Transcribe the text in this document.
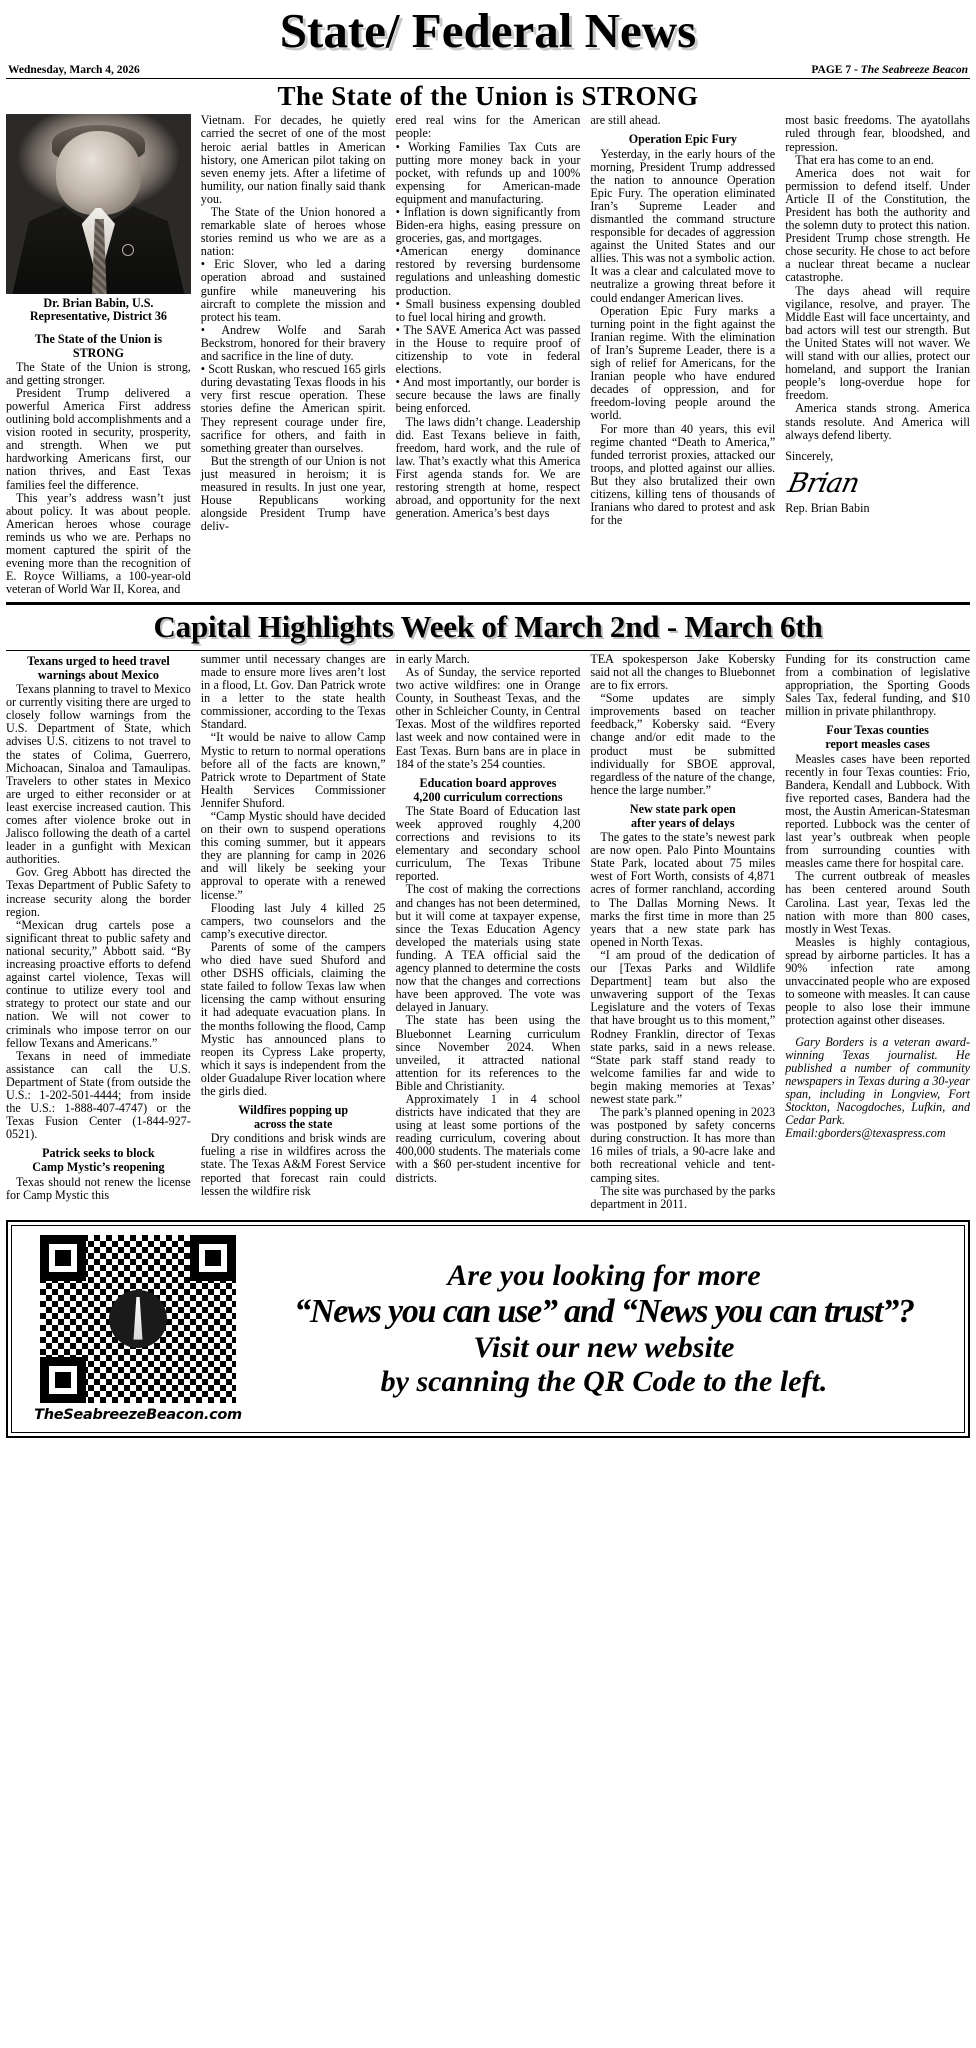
State/ Federal News
Wednesday, March 4, 2026	PAGE 7 - The Seabreeze Beacon
The State of the Union is STRONG
Dr. Brian Babin, U.S.
Representative, District 36
The State of the Union is
STRONG

The State of the Union is strong, and getting stronger.

President Trump delivered a powerful America First address outlining bold accomplishments and a vision rooted in security, prosperity, and strength. When we put hardworking Americans first, our nation thrives, and East Texas families feel the difference.

This year’s address wasn’t just about policy. It was about people. American heroes whose courage reminds us who we are. Perhaps no moment captured the spirit of the evening more than the recognition of E. Royce Williams, a 100-year-old veteran of World War II, Korea, and

Vietnam. For decades, he quietly carried the secret of one of the most heroic aerial battles in American history, one American pilot taking on seven enemy jets. After a lifetime of humility, our nation finally said thank you.

The State of the Union honored a remarkable slate of heroes whose stories remind us who we are as a nation:

• Eric Slover, who led a daring operation abroad and sustained gunfire while maneuvering his aircraft to complete the mission and protect his team.

• Andrew Wolfe and Sarah Beckstrom, honored for their bravery and sacrifice in the line of duty.

• Scott Ruskan, who rescued 165 girls during devastating Texas floods in his very first rescue operation. These stories define the American spirit. They represent courage under fire, sacrifice for others, and faith in something greater than ourselves.

But the strength of our Union is not just measured in heroism; it is measured in results. In just one year, House Republicans working alongside President Trump have deliv-

ered real wins for the American people:

• Working Families Tax Cuts are putting more money back in your pocket, with refunds up and 100% expensing for American-made equipment and manufacturing.

• Inflation is down significantly from Biden-era highs, easing pressure on groceries, gas, and mortgages.

•American energy dominance restored by reversing burdensome regulations and unleashing domestic production.

• Small business expensing doubled to fuel local hiring and growth.

• The SAVE America Act was passed in the House to require proof of citizenship to vote in federal elections.

• And most importantly, our border is secure because the laws are finally being enforced.

The laws didn’t change. Leadership did. East Texans believe in faith, freedom, hard work, and the rule of law. That’s exactly what this America First agenda stands for. We are restoring strength at home, respect abroad, and opportunity for the next generation. America’s best days

are still ahead.

Operation Epic Fury

Yesterday, in the early hours of the morning, President Trump addressed the nation to announce Operation Epic Fury. The operation eliminated Iran’s Supreme Leader and dismantled the command structure responsible for decades of aggression against the United States and our allies. This was not a symbolic action. It was a clear and calculated move to neutralize a growing threat before it could endanger American lives.

Operation Epic Fury marks a turning point in the fight against the Iranian regime. With the elimination of Iran’s Supreme Leader, there is a sigh of relief for Americans, for the Iranian people who have endured decades of oppression, and for freedom-loving people around the world.

For more than 40 years, this evil regime chanted “Death to America,” funded terrorist proxies, attacked our troops, and plotted against our allies. But they also brutalized their own citizens, killing tens of thousands of Iranians who dared to protest and ask for the

most basic freedoms. The ayatollahs ruled through fear, bloodshed, and repression.

That era has come to an end.

America does not wait for permission to defend itself. Under Article II of the Constitution, the President has both the authority and the solemn duty to protect this nation. President Trump chose strength. He chose security. He chose to act before a nuclear threat became a nuclear catastrophe.

The days ahead will require vigilance, resolve, and prayer. The Middle East will face uncertainty, and bad actors will test our strength. But the United States will not waver. We will stand with our allies, protect our homeland, and support the Iranian people’s long-overdue hope for freedom.

America stands strong. America stands resolute. And America will always defend liberty.

Sincerely,

Brian
Rep. Brian Babin
Capital Highlights Week of March 2nd - March 6th
Texans urged to heed travel
warnings about Mexico

Texans planning to travel to Mexico or currently visiting there are urged to closely follow warnings from the U.S. Department of State, which advises U.S. citizens to not travel to the states of Colima, Guerrero, Michoacan, Sinaloa and Tamaulipas. Travelers to other states in Mexico are urged to either reconsider or at least exercise increased caution. This comes after violence broke out in Jalisco following the death of a cartel leader in a gunfight with Mexican authorities.

Gov. Greg Abbott has directed the Texas Department of Public Safety to increase security along the border region.

“Mexican drug cartels pose a significant threat to public safety and national security,” Abbott said. “By increasing proactive efforts to defend against cartel violence, Texas will continue to utilize every tool and strategy to protect our state and our nation. We will not cower to criminals who impose terror on our fellow Texans and Americans.”

Texans in need of immediate assistance can call the U.S. Department of State (from outside the U.S.: 1-202-501-4444; from inside the U.S.: 1-888-407-4747) or the Texas Fusion Center (1-844-927-0521).

Patrick seeks to block
Camp Mystic’s reopening

Texas should not renew the license for Camp Mystic this

summer until necessary changes are made to ensure more lives aren’t lost in a flood, Lt. Gov. Dan Patrick wrote in a letter to the state health commissioner, according to the Texas Standard.

“It would be naive to allow Camp Mystic to return to normal operations before all of the facts are known,” Patrick wrote to Department of State Health Services Commissioner Jennifer Shuford.

“Camp Mystic should have decided on their own to suspend operations this coming summer, but it appears they are planning for camp in 2026 and will likely be seeking your approval to operate with a renewed license.”

Flooding last July 4 killed 25 campers, two counselors and the camp’s executive director.

Parents of some of the campers who died have sued Shuford and other DSHS officials, claiming the state failed to follow Texas law when licensing the camp without ensuring it had adequate evacuation plans. In the months following the flood, Camp Mystic has announced plans to reopen its Cypress Lake property, which it says is independent from the older Guadalupe River location where the girls died.

Wildfires popping up
across the state

Dry conditions and brisk winds are fueling a rise in wildfires across the state. The Texas A&M Forest Service reported that forecast rain could lessen the wildfire risk

in early March.

As of Sunday, the service reported two active wildfires: one in Orange County, in Southeast Texas, and the other in Schleicher County, in Central Texas. Most of the wildfires reported last week and now contained were in East Texas. Burn bans are in place in 184 of the state’s 254 counties.

Education board approves
4,200 curriculum corrections

The State Board of Education last week approved roughly 4,200 corrections and revisions to its elementary and secondary school curriculum, The Texas Tribune reported.

The cost of making the corrections and changes has not been determined, but it will come at taxpayer expense, since the Texas Education Agency developed the materials using state funding. A TEA official said the agency planned to determine the costs now that the changes and corrections have been approved. The vote was delayed in January.

The state has been using the Bluebonnet Learning curriculum since November 2024. When unveiled, it attracted national attention for its references to the Bible and Christianity.

Approximately 1 in 4 school districts have indicated that they are using at least some portions of the reading curriculum, covering about 400,000 students. The materials come with a $60 per-student incentive for districts.

TEA spokesperson Jake Kobersky said not all the changes to Bluebonnet are to fix errors.

“Some updates are simply improvements based on teacher feedback,” Kobersky said. “Every change and/or edit made to the product must be submitted individually for SBOE approval, regardless of the nature of the change, hence the large number.”

New state park open
after years of delays

The gates to the state’s newest park are now open. Palo Pinto Mountains State Park, located about 75 miles west of Fort Worth, consists of 4,871 acres of former ranchland, according to The Dallas Morning News. It marks the first time in more than 25 years that a new state park has opened in North Texas.

“I am proud of the dedication of our [Texas Parks and Wildlife Department] team but also the unwavering support of the Texas Legislature and the voters of Texas that have brought us to this moment,” Rodney Franklin, director of Texas state parks, said in a news release. “State park staff stand ready to welcome families far and wide to begin making memories at Texas’ newest state park.”

The park’s planned opening in 2023 was postponed by safety concerns during construction. It has more than 16 miles of trials, a 90-acre lake and both recreational vehicle and tent-camping sites.

The site was purchased by the parks department in 2011.

Funding for its construction came from a combination of legislative appropriation, the Sporting Goods Sales Tax, federal funding, and $10 million in private philanthropy.

Four Texas counties
report measles cases

Measles cases have been reported recently in four Texas counties: Frio, Bandera, Kendall and Lubbock. With five reported cases, Bandera had the most, the Austin American-Statesman reported. Lubbock was the center of last year’s outbreak when people from surrounding counties with measles came there for hospital care.

The current outbreak of measles has been centered around South Carolina. Last year, Texas led the nation with more than 800 cases, mostly in West Texas.

Measles is highly contagious, spread by airborne particles. It has a 90% infection rate among unvaccinated people who are exposed to someone with measles. It can cause people to also lose their immune protection against other diseases.

Gary Borders is a veteran award-winning Texas journalist. He published a number of community newspapers in Texas during a 30-year span, including in Longview, Fort Stockton, Nacogdoches, Lufkin, and Cedar Park.

Email:gborders@texaspress.com

TheSeabreezeBeacon.com
Are you looking for more
“News you can use” and “News you can trust”?
Visit our new website
by scanning the QR Code to the left.
